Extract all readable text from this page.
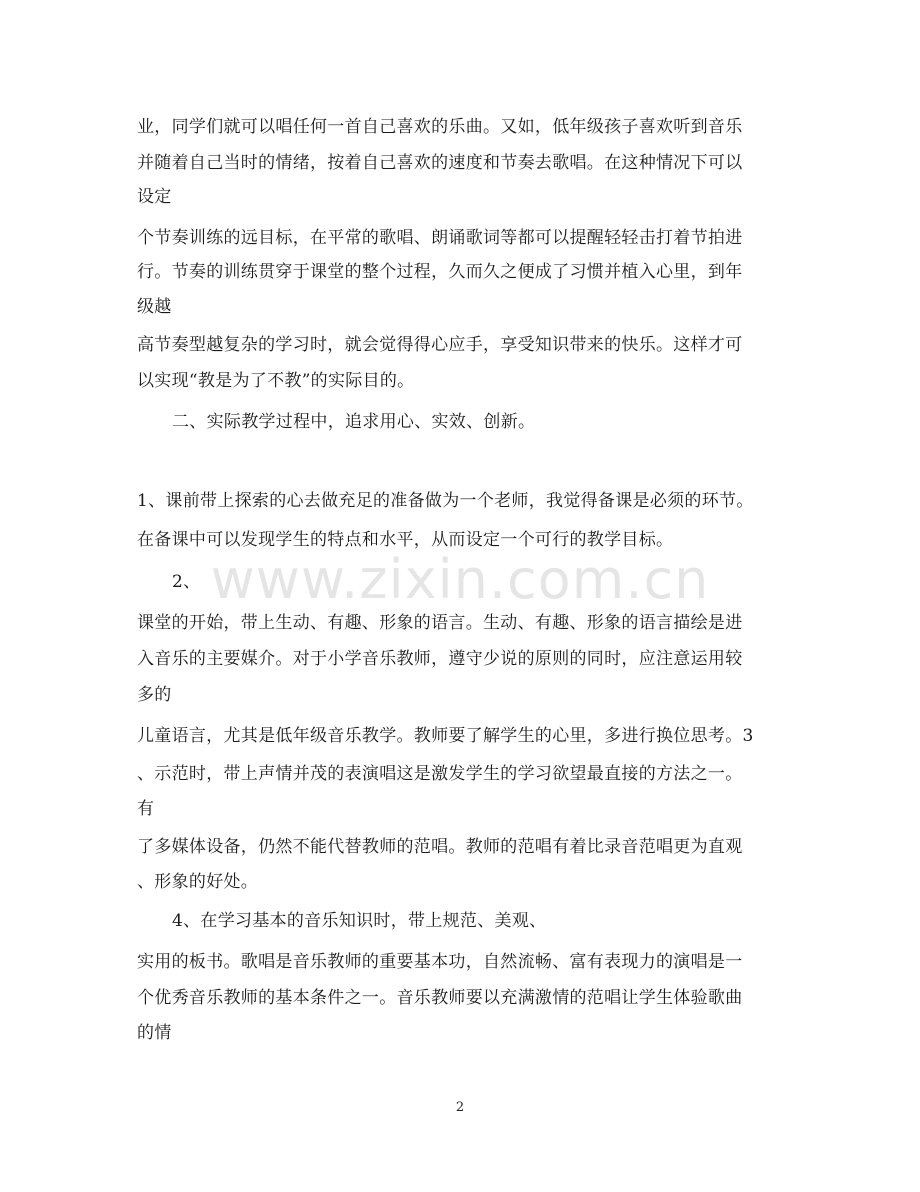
www.zixin.com.cn
业，同学们就可以唱任何一首自己喜欢的乐曲。又如，低年级孩子喜欢听到音乐
并随着自己当时的情绪，按着自己喜欢的速度和节奏去歌唱。在这种情况下可以
设定
个节奏训练的远目标，在平常的歌唱、朗诵歌词等都可以提醒轻轻击打着节拍进
行。节奏的训练贯穿于课堂的整个过程，久而久之便成了习惯并植入心里，到年
级越
高节奏型越复杂的学习时，就会觉得得心应手，享受知识带来的快乐。这样才可
以实现“教是为了不教”的实际目的。
二、实际教学过程中，追求用心、实效、创新。
1、课前带上探索的心去做充足的准备做为一个老师，我觉得备课是必须的环节。
在备课中可以发现学生的特点和水平，从而设定一个可行的教学目标。
2、
课堂的开始，带上生动、有趣、形象的语言。生动、有趣、形象的语言描绘是进
入音乐的主要媒介。对于小学音乐教师，遵守少说的原则的同时，应注意运用较
多的
儿童语言，尤其是低年级音乐教学。教师要了解学生的心里，多进行换位思考。3
、示范时，带上声情并茂的表演唱这是激发学生的学习欲望最直接的方法之一。
有
了多媒体设备，仍然不能代替教师的范唱。教师的范唱有着比录音范唱更为直观
、形象的好处。
4、在学习基本的音乐知识时，带上规范、美观、
实用的板书。歌唱是音乐教师的重要基本功，自然流畅、富有表现力的演唱是一
个优秀音乐教师的基本条件之一。音乐教师要以充满激情的范唱让学生体验歌曲
的情
2
